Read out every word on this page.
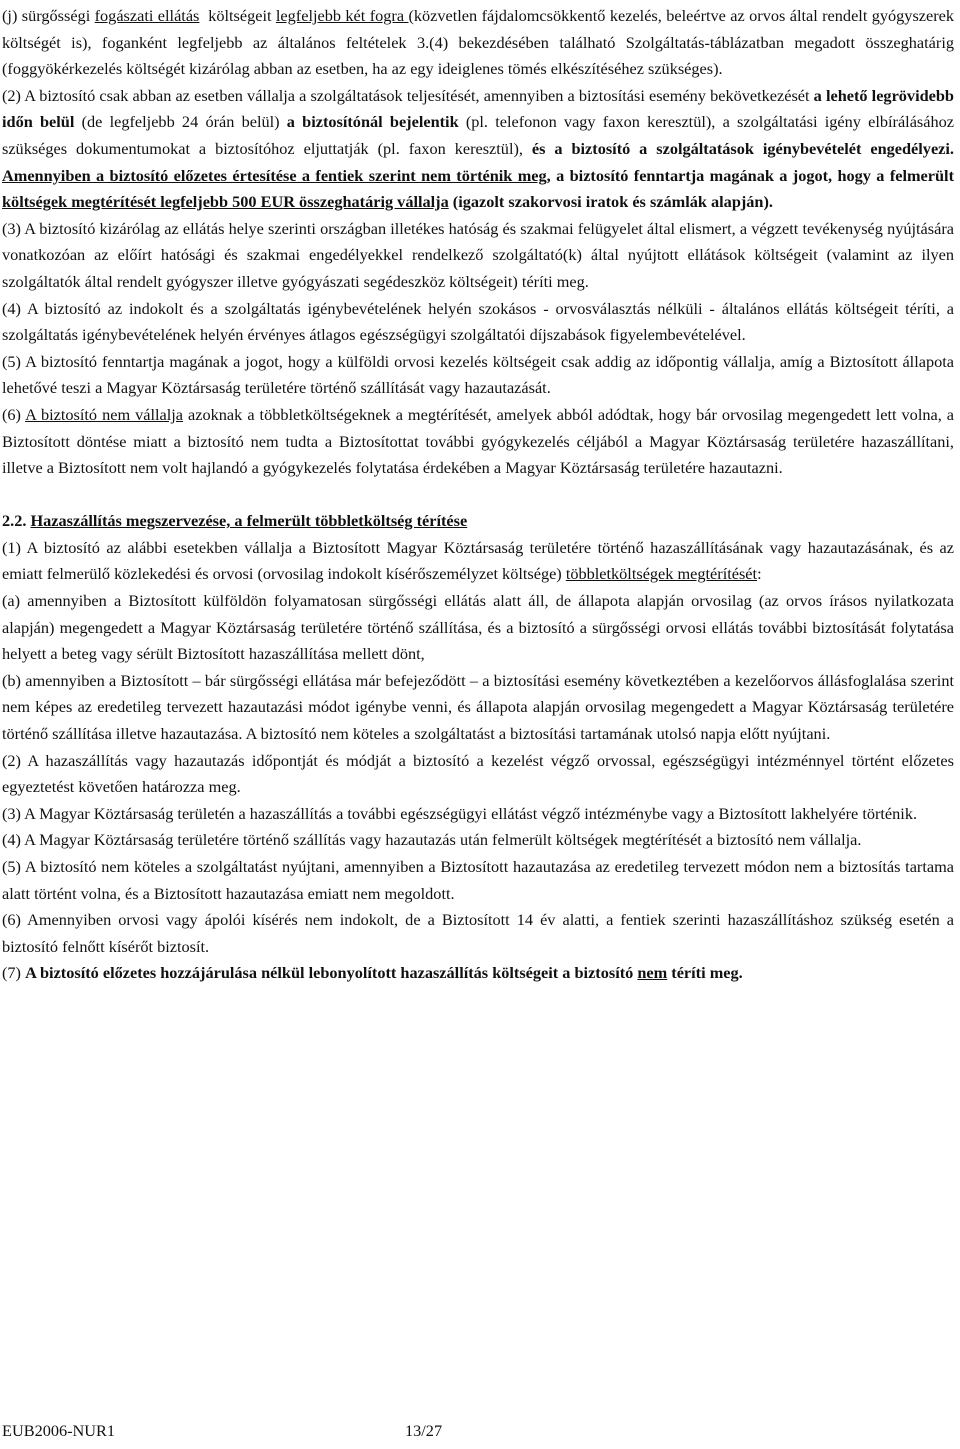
(j) sürgősségi fogászati ellátás  költségeit legfeljebb két fogra (közvetlen fájdalomcsökkentő kezelés, beleértve az orvos által rendelt gyógyszerek költségét is), foganként legfeljebb az általános feltételek 3.(4) bekezdésében található Szolgáltatás-táblázatban megadott összeghatárig (foggyökérkezelés költségét kizárólag abban az esetben, ha az egy ideiglenes tömés elkészítéséhez szükséges).

(2) A biztosító csak abban az esetben vállalja a szolgáltatások teljesítését, amennyiben a biztosítási esemény bekövetkezését a lehető legrövidebb időn belül (de legfeljebb 24 órán belül) a biztosítónál bejelentik (pl. telefonon vagy faxon keresztül), a szolgáltatási igény elbírálásához szükséges dokumentumokat a biztosítóhoz eljuttatják (pl. faxon keresztül), és a biztosító a szolgáltatások igénybevételét engedélyezi. Amennyiben a biztosító előzetes értesítése a fentiek szerint nem történik meg, a biztosító fenntartja magának a jogot, hogy a felmerült költségek megtérítését legfeljebb 500 EUR összeghatárig vállalja (igazolt szakorvosi iratok és számlák alapján).

(3) A biztosító kizárólag az ellátás helye szerinti országban illetékes hatóság és szakmai felügyelet által elismert, a végzett tevékenység nyújtására vonatkozóan az előírt hatósági és szakmai engedélyekkel rendelkező szolgáltató(k) által nyújtott ellátások költségeit (valamint az ilyen szolgáltatók által rendelt gyógyszer illetve gyógyászati segédeszköz költségeit) téríti meg.

(4) A biztosító az indokolt és a szolgáltatás igénybevételének helyén szokásos - orvosválasztás nélküli - általános ellátás költségeit téríti, a szolgáltatás igénybevételének helyén érvényes átlagos egészségügyi szolgáltatói díjszabások figyelembevételével.

(5) A biztosító fenntartja magának a jogot, hogy a külföldi orvosi kezelés költségeit csak addig az időpontig vállalja, amíg a Biztosított állapota lehetővé teszi a Magyar Köztársaság területére történő szállítását vagy hazautazását.

(6) A biztosító nem vállalja azoknak a többletköltségeknek a megtérítését, amelyek abból adódtak, hogy bár orvosilag megengedett lett volna, a Biztosított döntése miatt a biztosító nem tudta a Biztosítottat további gyógykezelés céljából a Magyar Köztársaság területére hazaszállítani, illetve a Biztosított nem volt hajlandó a gyógykezelés folytatása érdekében a Magyar Köztársaság területére hazautazni.

2.2. Hazaszállítás megszervezése, a felmerült többletköltség térítése

(1) A biztosító az alábbi esetekben vállalja a Biztosított Magyar Köztársaság területére történő hazaszállításának vagy hazautazásának, és az emiatt felmerülő közlekedési és orvosi (orvosilag indokolt kísérőszemélyzet költsége) többletköltségek megtérítését:

(a) amennyiben a Biztosított külföldön folyamatosan sürgősségi ellátás alatt áll, de állapota alapján orvosilag (az orvos írásos nyilatkozata alapján) megengedett a Magyar Köztársaság területére történő szállítása, és a biztosító a sürgősségi orvosi ellátás további biztosítását folytatása helyett a beteg vagy sérült Biztosított hazaszállítása mellett dönt,

(b) amennyiben a Biztosított – bár sürgősségi ellátása már befejeződött – a biztosítási esemény következtében a kezelőorvos állásfoglalása szerint nem képes az eredetileg tervezett hazautazási módot igénybe venni, és állapota alapján orvosilag megengedett a Magyar Köztársaság területére történő szállítása illetve hazautazása. A biztosító nem köteles a szolgáltatást a biztosítási tartamának utolsó napja előtt nyújtani.

(2) A hazaszállítás vagy hazautazás időpontját és módját a biztosító a kezelést végző orvossal, egészségügyi intézménnyel történt előzetes egyeztetést követően határozza meg.

(3) A Magyar Köztársaság területén a hazaszállítás a további egészségügyi ellátást végző intézménybe vagy a Biztosított lakhelyére történik.

(4) A Magyar Köztársaság területére történő szállítás vagy hazautazás után felmerült költségek megtérítését a biztosító nem vállalja.

(5) A biztosító nem köteles a szolgáltatást nyújtani, amennyiben a Biztosított hazautazása az eredetileg tervezett módon nem a biztosítás tartama alatt történt volna, és a Biztosított hazautazása emiatt nem megoldott.

(6) Amennyiben orvosi vagy ápolói kísérés nem indokolt, de a Biztosított 14 év alatti, a fentiek szerinti hazaszállításhoz szükség esetén a biztosító felnőtt kísérőt biztosít.

(7) A biztosító előzetes hozzájárulása nélkül lebonyolított hazaszállítás költségeit a biztosító nem téríti meg.

EUB2006-NUR1	13/27
